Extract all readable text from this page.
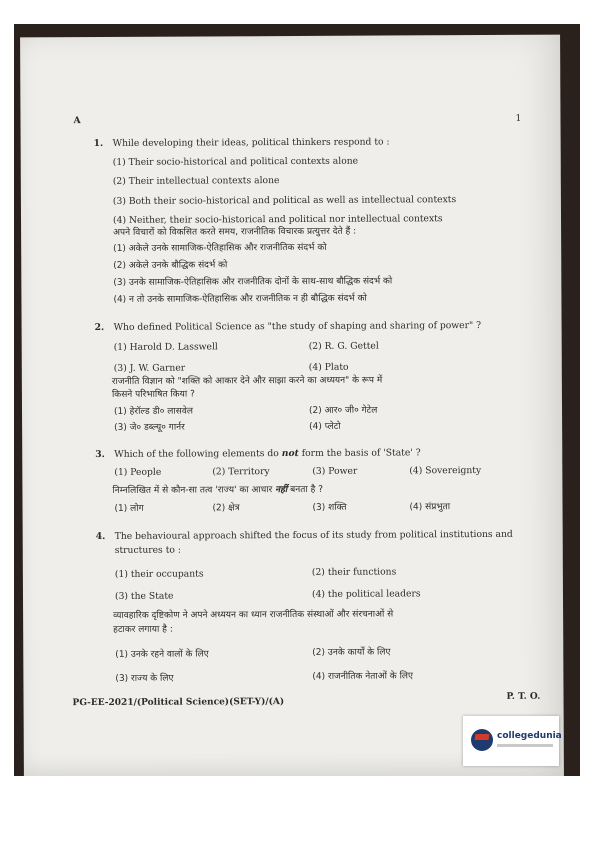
A	1
1. While developing their ideas, political thinkers respond to :
(1) Their socio-historical and political contexts alone
(2) Their intellectual contexts alone
(3) Both their socio-historical and political as well as intellectual contexts
(4) Neither, their socio-historical and political nor intellectual contexts
अपने विचारों को विकसित करते समय, राजनीतिक विचारक प्रत्युत्तर देते हैं :
(1) अकेले उनके सामाजिक-ऐतिहासिक और राजनीतिक संदर्भ को
(2) अकेले उनके बौद्धिक संदर्भ को
(3) उनके सामाजिक-ऐतिहासिक और राजनीतिक दोनों के साथ-साथ बौद्धिक संदर्भ को
(4) न तो उनके सामाजिक-ऐतिहासिक और राजनीतिक न ही बौद्धिक संदर्भ को
2. Who defined Political Science as "the study of shaping and sharing of power" ?
(1) Harold D. Lasswell	(2) R. G. Gettel
(3) J. W. Garner	(4) Plato
राजनीति विज्ञान को "शक्ति को आकार देने और साझा करने का अध्ययन" के रूप में
किसने परिभाषित किया ?
(1) हेरॉल्ड डी० लासवेल	(2) आर० जी० गेटेल
(3) जे० डब्ल्यू० गार्नर	(4) प्लेटो
3. Which of the following elements do not form the basis of 'State' ?
(1) People	(2) Territory	(3) Power	(4) Sovereignty
निम्नलिखित में से कौन-सा तत्व 'राज्य' का आधार नहीं बनता है ?
(1) लोग	(2) क्षेत्र	(3) शक्ति	(4) संप्रभुता
4. The behavioural approach shifted the focus of its study from political institutions and
structures to :
(1) their occupants	(2) their functions
(3) the State	(4) the political leaders
व्यावहारिक दृष्टिकोण ने अपने अध्ययन का ध्यान राजनीतिक संस्थाओं और संरचनाओं से
हटाकर लगाया है :
(1) उनके रहने वालों के लिए	(2) उनके कार्यों के लिए
(3) राज्य के लिए	(4) राजनीतिक नेताओं के लिए
PG-EE-2021/(Political Science)(SET-Y)/(A)
P. T. O.
collegedunia
